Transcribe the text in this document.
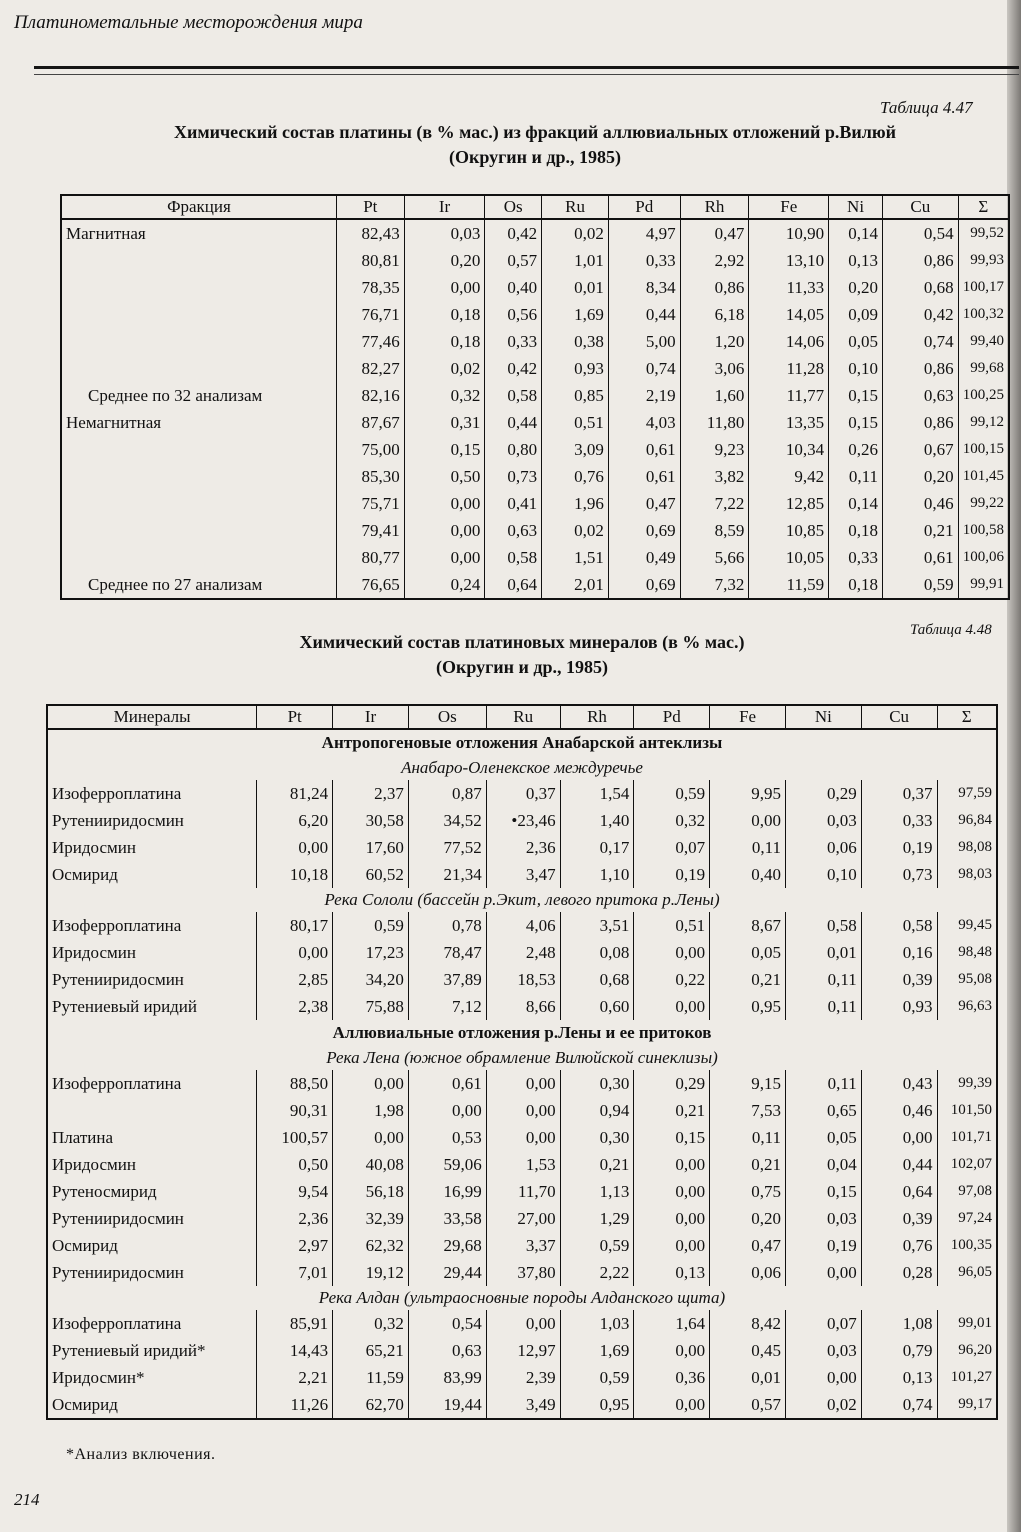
Платинометальные месторождения мира
Таблица 4.47
Химический состав платины (в % мас.) из фракций аллювиальных отложений р.Вилюй
(Округин и др., 1985)
Фракция	Pt	Ir	Os	Ru	Pd	Rh	Fe	Ni	Cu	Σ
Магнитная	82,43	0,03	0,42	0,02	4,97	0,47	10,90	0,14	0,54	99,52
	80,81	0,20	0,57	1,01	0,33	2,92	13,10	0,13	0,86	99,93
	78,35	0,00	0,40	0,01	8,34	0,86	11,33	0,20	0,68	100,17
	76,71	0,18	0,56	1,69	0,44	6,18	14,05	0,09	0,42	100,32
	77,46	0,18	0,33	0,38	5,00	1,20	14,06	0,05	0,74	99,40
	82,27	0,02	0,42	0,93	0,74	3,06	11,28	0,10	0,86	99,68
Среднее по 32 анализам	82,16	0,32	0,58	0,85	2,19	1,60	11,77	0,15	0,63	100,25
Немагнитная	87,67	0,31	0,44	0,51	4,03	11,80	13,35	0,15	0,86	99,12
	75,00	0,15	0,80	3,09	0,61	9,23	10,34	0,26	0,67	100,15
	85,30	0,50	0,73	0,76	0,61	3,82	9,42	0,11	0,20	101,45
	75,71	0,00	0,41	1,96	0,47	7,22	12,85	0,14	0,46	99,22
	79,41	0,00	0,63	0,02	0,69	8,59	10,85	0,18	0,21	100,58
	80,77	0,00	0,58	1,51	0,49	5,66	10,05	0,33	0,61	100,06
Среднее по 27 анализам	76,65	0,24	0,64	2,01	0,69	7,32	11,59	0,18	0,59	99,91
Таблица 4.48
Химический состав платиновых минералов (в % мас.)
(Округин и др., 1985)
Минералы	Pt	Ir	Os	Ru	Rh	Pd	Fe	Ni	Cu	Σ
Антропогеновые отложения Анабарской антеклизы										
Анабаро-Оленекское междуречье										
Изоферроплатина	81,24	2,37	0,87	0,37	1,54	0,59	9,95	0,29	0,37	97,59
Рутенииридосмин	6,20	30,58	34,52	•23,46	1,40	0,32	0,00	0,03	0,33	96,84
Иридосмин	0,00	17,60	77,52	2,36	0,17	0,07	0,11	0,06	0,19	98,08
Осмирид	10,18	60,52	21,34	3,47	1,10	0,19	0,40	0,10	0,73	98,03
Река Сололи (бассейн р.Экит, левого притока р.Лены)										
Изоферроплатина	80,17	0,59	0,78	4,06	3,51	0,51	8,67	0,58	0,58	99,45
Иридосмин	0,00	17,23	78,47	2,48	0,08	0,00	0,05	0,01	0,16	98,48
Рутенииридосмин	2,85	34,20	37,89	18,53	0,68	0,22	0,21	0,11	0,39	95,08
Рутениевый иридий	2,38	75,88	7,12	8,66	0,60	0,00	0,95	0,11	0,93	96,63
Аллювиальные отложения р.Лены и ее притоков										
Река Лена (южное обрамление Вилюйской синеклизы)										
Изоферроплатина	88,50	0,00	0,61	0,00	0,30	0,29	9,15	0,11	0,43	99,39
	90,31	1,98	0,00	0,00	0,94	0,21	7,53	0,65	0,46	101,50
Платина	100,57	0,00	0,53	0,00	0,30	0,15	0,11	0,05	0,00	101,71
Иридосмин	0,50	40,08	59,06	1,53	0,21	0,00	0,21	0,04	0,44	102,07
Рутеносмирид	9,54	56,18	16,99	11,70	1,13	0,00	0,75	0,15	0,64	97,08
Рутенииридосмин	2,36	32,39	33,58	27,00	1,29	0,00	0,20	0,03	0,39	97,24
Осмирид	2,97	62,32	29,68	3,37	0,59	0,00	0,47	0,19	0,76	100,35
Рутенииридосмин	7,01	19,12	29,44	37,80	2,22	0,13	0,06	0,00	0,28	96,05
Река Алдан (ультраосновные породы Алданского щита)										
Изоферроплатина	85,91	0,32	0,54	0,00	1,03	1,64	8,42	0,07	1,08	99,01
Рутениевый иридий*	14,43	65,21	0,63	12,97	1,69	0,00	0,45	0,03	0,79	96,20
Иридосмин*	2,21	11,59	83,99	2,39	0,59	0,36	0,01	0,00	0,13	101,27
Осмирид	11,26	62,70	19,44	3,49	0,95	0,00	0,57	0,02	0,74	99,17
*Анализ включения.
214
